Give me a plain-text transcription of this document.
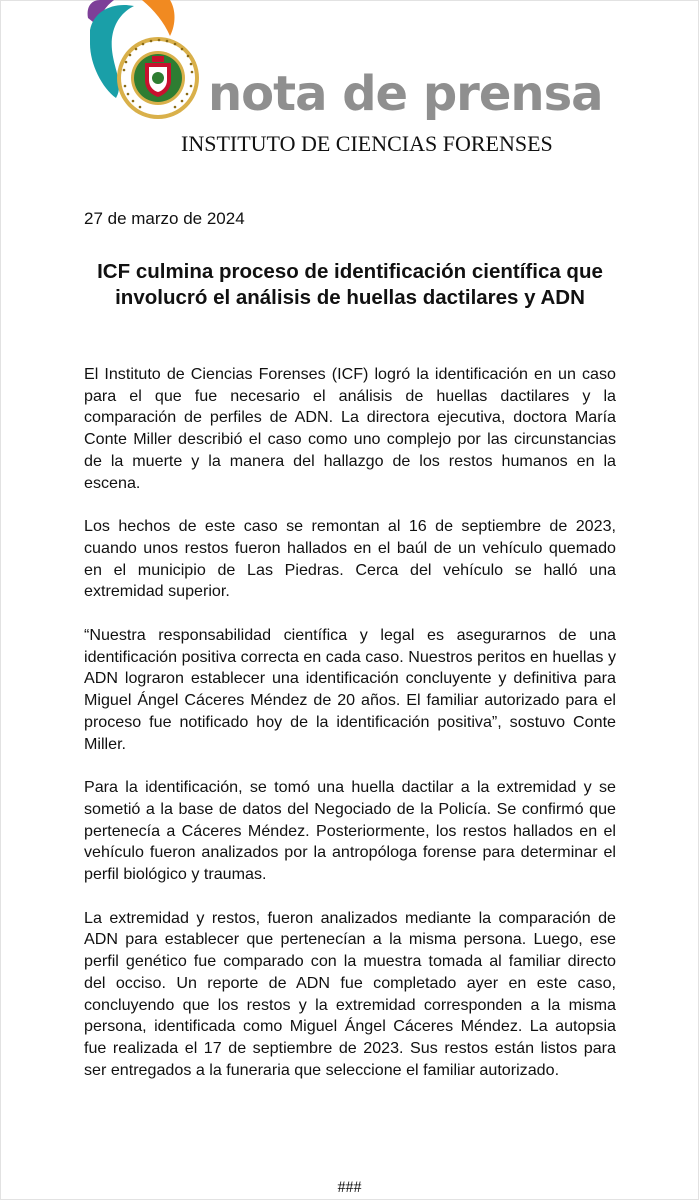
nota de prensa
INSTITUTO DE CIENCIAS FORENSES
27 de marzo de 2024
ICF culmina proceso de identificación científica que involucró el análisis de huellas dactilares y ADN

El Instituto de Ciencias Forenses (ICF) logró la identificación en un caso para el que fue necesario el análisis de huellas dactilares y la comparación de perfiles de ADN. La directora ejecutiva, doctora María Conte Miller describió el caso como uno complejo por las circunstancias de la muerte y la manera del hallazgo de los restos humanos en la escena.

Los hechos de este caso se remontan al 16 de septiembre de 2023, cuando unos restos fueron hallados en el baúl de un vehículo quemado en el municipio de Las Piedras. Cerca del vehículo se halló una extremidad superior.

“Nuestra responsabilidad científica y legal es asegurarnos de una identificación positiva correcta en cada caso. Nuestros peritos en huellas y ADN lograron establecer una identificación concluyente y definitiva para Miguel Ángel Cáceres Méndez de 20 años. El familiar autorizado para el proceso fue notificado hoy de la identificación positiva”, sostuvo Conte Miller.

Para la identificación, se tomó una huella dactilar a la extremidad y se sometió a la base de datos del Negociado de la Policía. Se confirmó que pertenecía a Cáceres Méndez. Posteriormente, los restos hallados en el vehículo fueron analizados por la antropóloga forense para determinar el perfil biológico y traumas.

La extremidad y restos, fueron analizados mediante la comparación de ADN para establecer que pertenecían a la misma persona. Luego, ese perfil genético fue comparado con la muestra tomada al familiar directo del occiso. Un reporte de ADN fue completado ayer en este caso, concluyendo que los restos y la extremidad corresponden a la misma persona, identificada como Miguel Ángel Cáceres Méndez. La autopsia fue realizada el 17 de septiembre de 2023. Sus restos están listos para ser entregados a la funeraria que seleccione el familiar autorizado.

###
